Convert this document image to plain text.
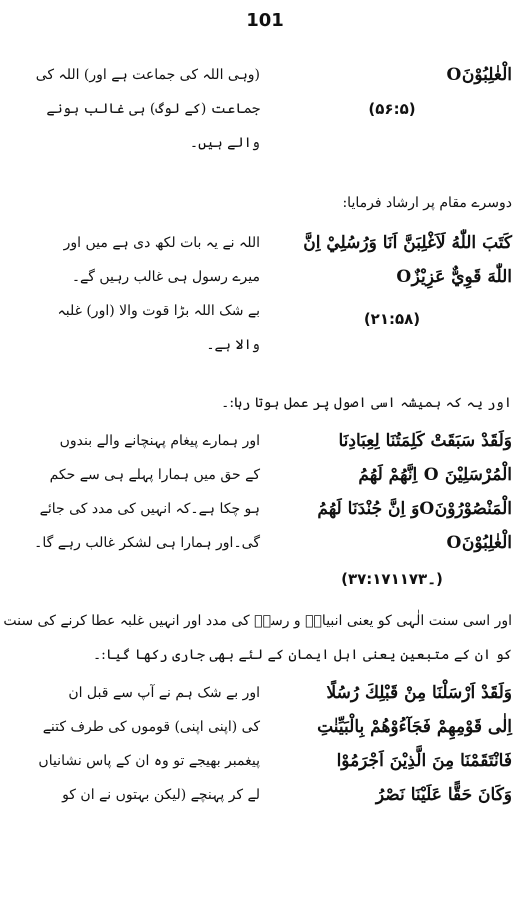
101
الْغٰلِبُوْنَO
(۵۶:۵)
(وہی اللہ کی جماعت ہے اور) اللہ کی
جماعت (کے لوگ) ہی غالب ہونے
والے ہیں۔
دوسرے مقام پر ارشاد فرمایا:
كَتَبَ اللّٰهُ لَاَغْلِبَنَّ اَنَا وَرُسُلِيْ اِنَّ
اللّٰهَ قَوِيٌّ عَزِيْزٌO
(۲۱:۵۸)
اللہ نے یہ بات لکھ دی ہے میں اور
میرے رسول ہی غالب رہیں گے۔
بے شک اللہ بڑا قوت والا (اور) غلبہ
والا ہے۔
اور یہ کہ ہمیشہ اسی اصول پر عمل ہوتا رہا:۔
وَلَقَدْ سَبَقَتْ كَلِمَتُنَا لِعِبَادِنَا
الْمُرْسَلِيْنَ O اِنَّهُمْ لَهُمُ
الْمَنْصُوْرُوْنَOوَ اِنَّ جُنْدَنَا لَهُمُ
الْغٰلِبُوْنَO
اور ہمارے پیغام پہنچانے والے بندوں
کے حق میں ہمارا پہلے ہی سے حکم
ہو چکا ہے۔کہ انہیں کی مدد کی جائے
گی۔اور ہمارا ہی لشکر غالب رہے گا۔
(۳۷:۱۷۱۔۱۷۳)
اور اسی سنت الٰہی کو یعنی انبیاءؑ و رسلؑ کی مدد اور انہیں غلبہ عطا کرنے کی سنت
کو ان کے متبعین یعنی اہل ایمان کے لئے بھی جاری رکھا گیا:۔
وَلَقَدْ اَرْسَلْنَا مِنْ قَبْلِكَ رُسُلًا
اِلٰى قَوْمِهِمْ فَجَآءُوْهُمْ بِالْبَيِّنٰتِ
فَانْتَقَمْنَا مِنَ الَّذِيْنَ اَجْرَمُوْا
وَكَانَ حَقًّا عَلَيْنَا نَصْرُ
اور بے شک ہم نے آپ سے قبل ان
کی (اپنی اپنی) قوموں کی طرف کتنے
پیغمبر بھیجے تو وہ ان کے پاس نشانیاں
لے کر پہنچے (لیکن بہتوں نے ان کو
